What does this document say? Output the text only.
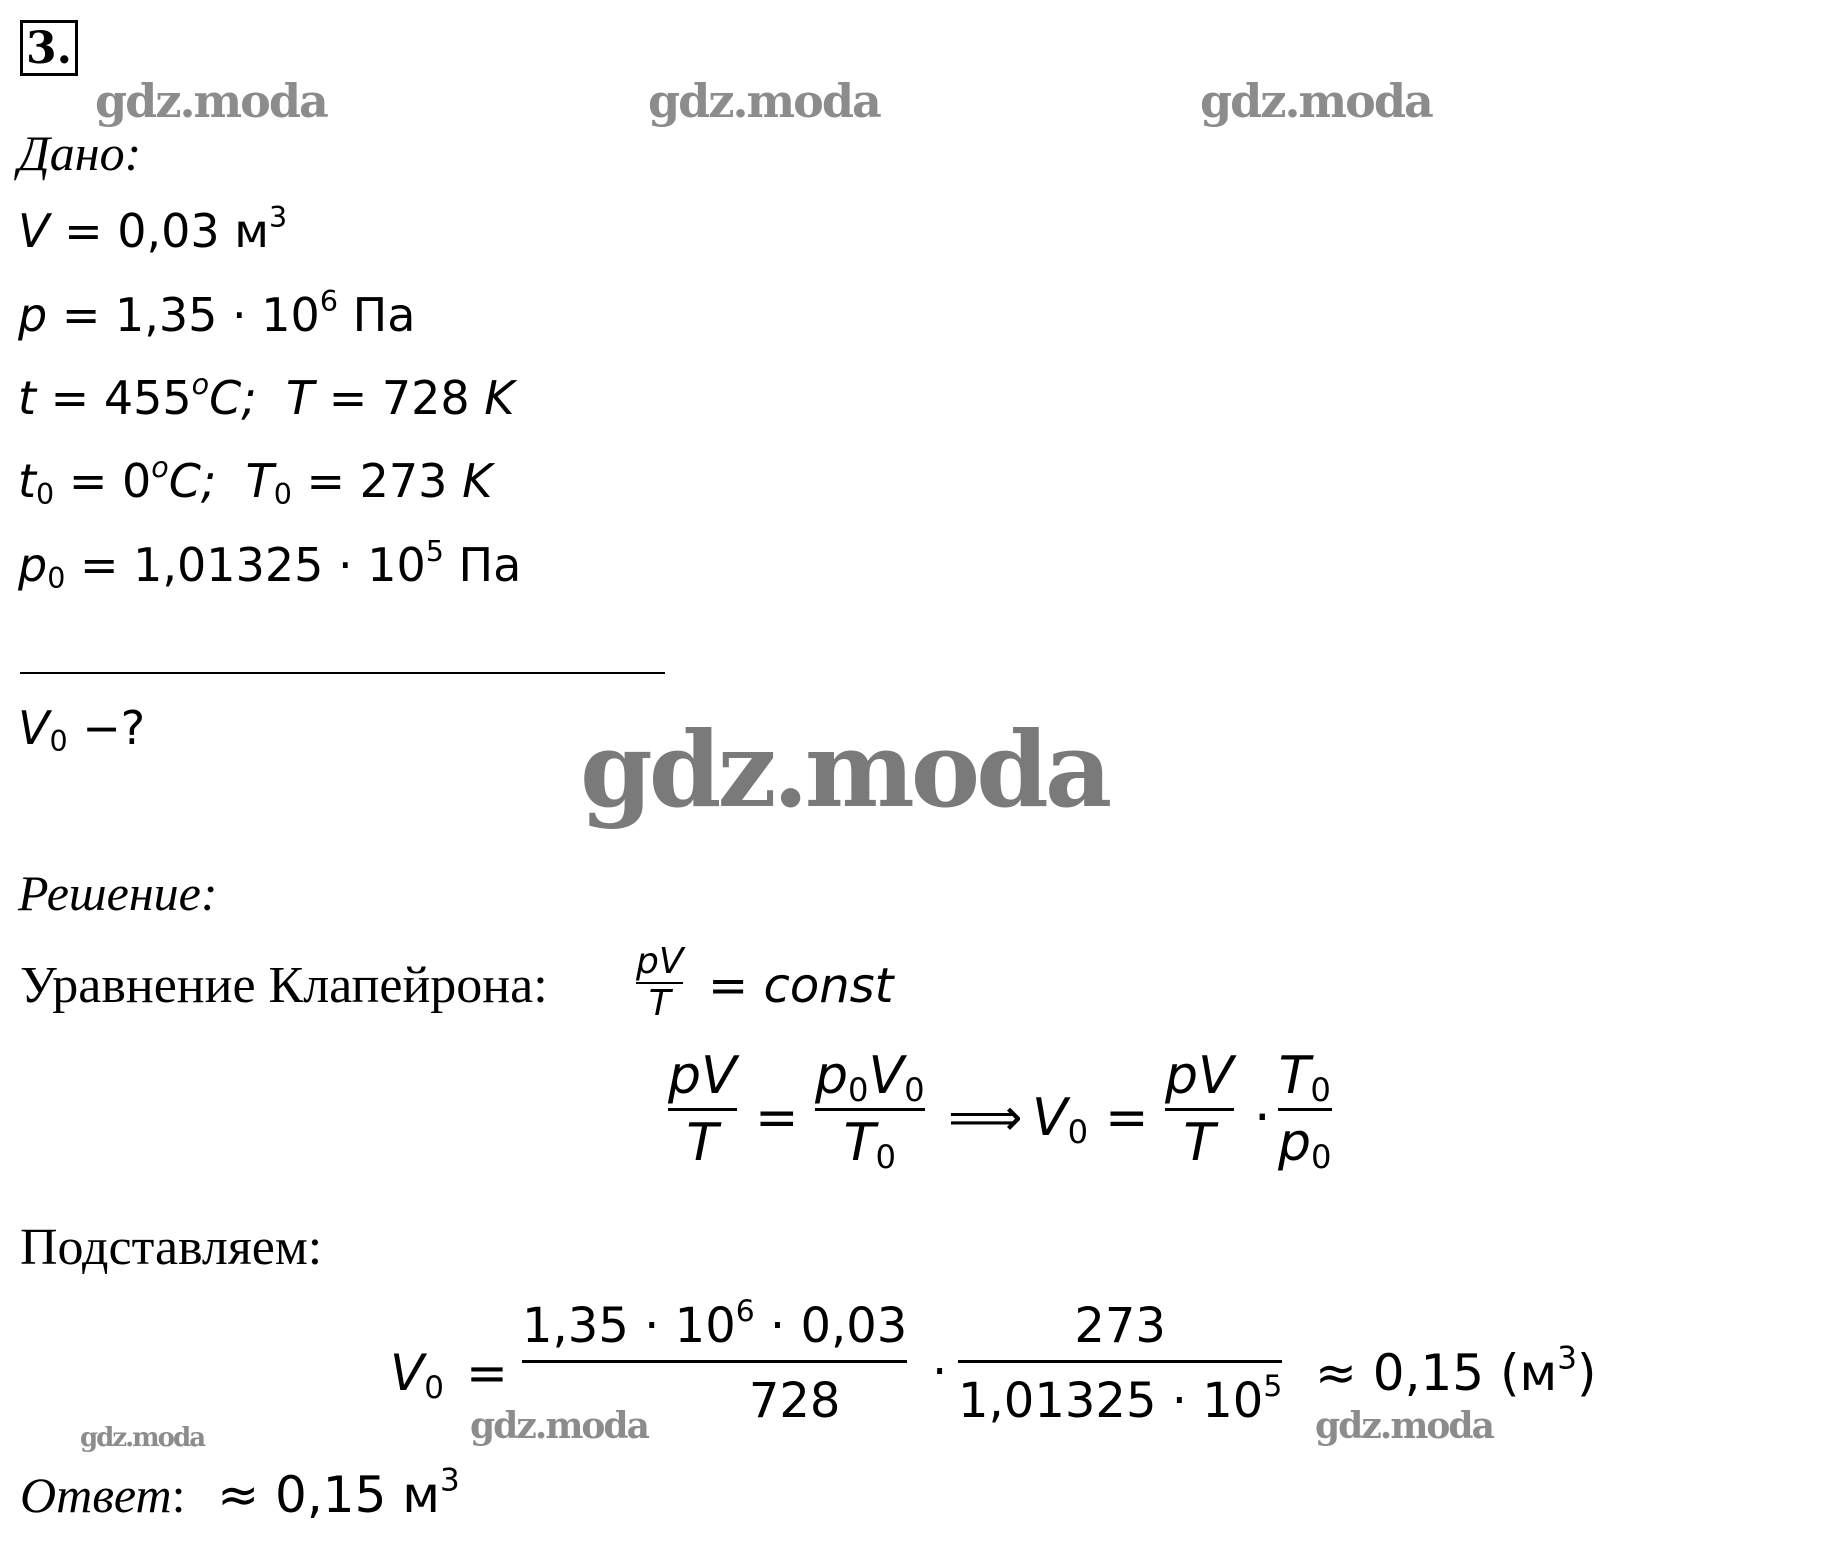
3.
gdz.moda	gdz.moda	gdz.moda
gdz.moda
gdz.moda	gdz.moda	gdz.moda
Дано:
V = 0,03 $м^3$
$p = 1,35 \cdot 10^6$ Па
$t = 455^oC$; T = 728 K
$t_0 = 0^oC$; $T_0 = 273$ K
$p_0 = 1,01325 \cdot 10^5$ Па
$V_0$ −?
Решение:
Уравнение Клапейрона: pV
T = const
pV
T =
$p_0V_0$
$T_0$
⟹ $V_0$ =
pV
T ·
$T_0$
$p_0$
Подставляем:
$V_0$ =
$1,35 \cdot 10^6 \cdot 0,03$
728
·
273
$1,01325 \cdot 10^5 \approx 0,15$ $(м^3)$
Ответ: ≈ 0,15 $м^3$
